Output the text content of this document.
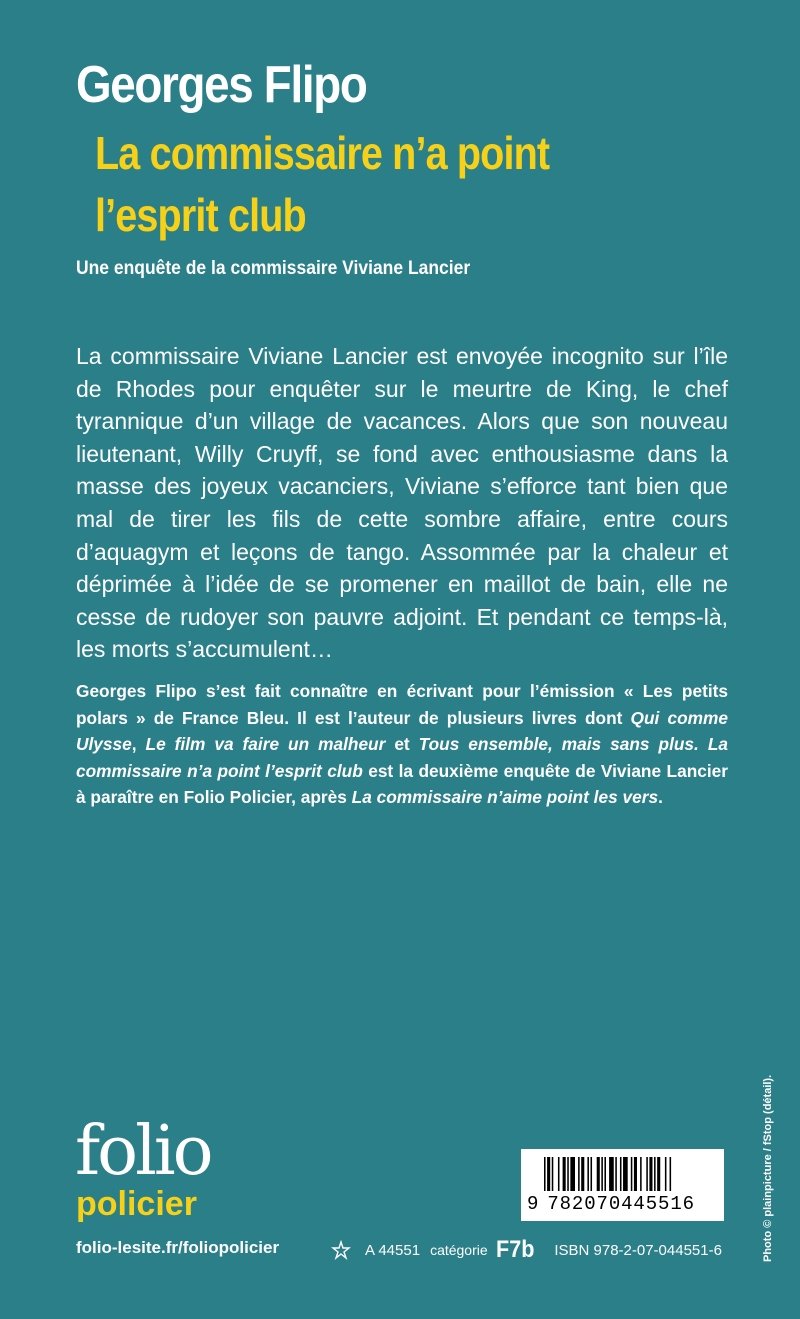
Georges Flipo
La commissaire n’a point
l’esprit club
Une enquête de la commissaire Viviane Lancier

La commissaire Viviane Lancier est envoyée incognito sur l’île de Rhodes pour enquêter sur le meurtre de King, le chef tyrannique d’un village de vacances. Alors que son nouveau lieutenant, Willy Cruyff, se fond avec enthousiasme dans la masse des joyeux vacanciers, Viviane s’efforce tant bien que mal de tirer les fils de cette sombre affaire, entre cours d’aquagym et leçons de tango. Assommée par la chaleur et déprimée à l’idée de se promener en maillot de bain, elle ne cesse de rudoyer son pauvre adjoint. Et pendant ce temps-là, les morts s’accumulent…

Georges Flipo s’est fait connaître en écrivant pour l’émission « Les petits polars » de France Bleu. Il est l’auteur de plusieurs livres dont Qui comme Ulysse, Le film va faire un malheur et Tous ensemble, mais sans plus. La commissaire n’a point l’esprit club est la deuxième enquête de Viviane Lancier à paraître en Folio Policier, après La commissaire n’aime point les vers.

folio
policier
folio-lesite.fr/foliopolicier
9 782070445516
A 44551 catégorie F7b ISBN 978-2-07-044551-6	Photo © plainpicture / fStop (détail).
